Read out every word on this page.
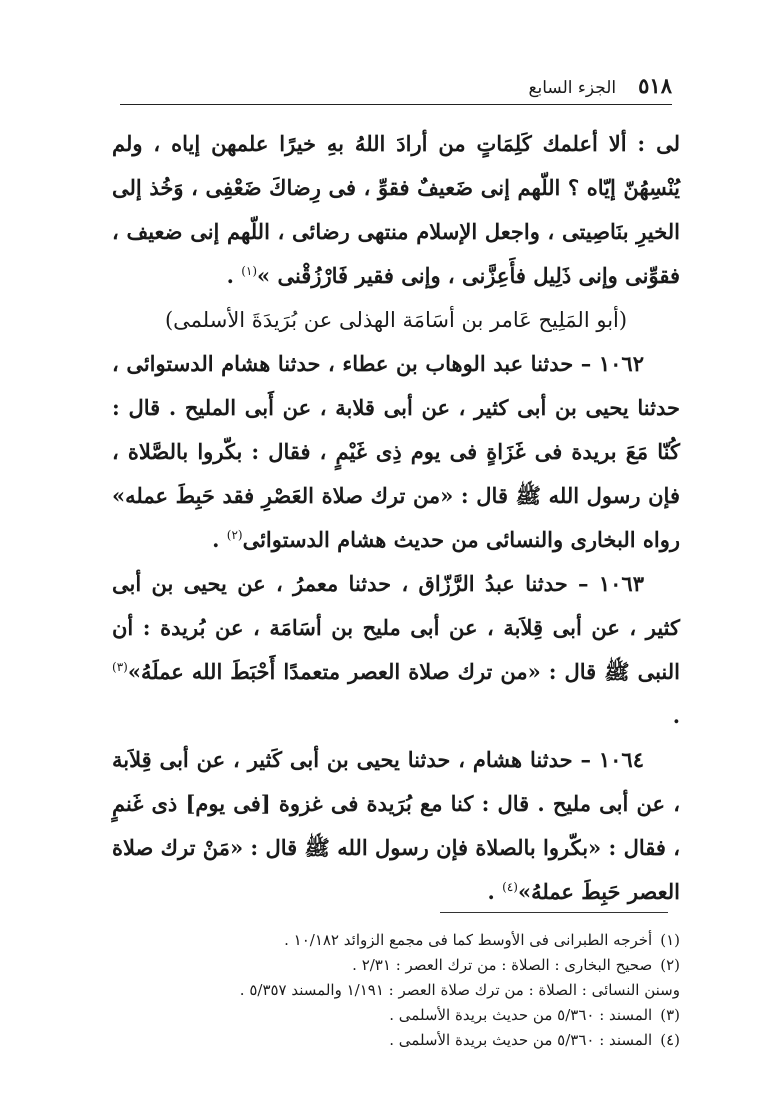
٥١٨
الجزء السابع

لى : ألا أعلمك كَلِمَاتٍ من أرادَ اللهُ بهِ خيرًا علمهن إياه ، ولم يُنْسِهُنّ إيّاه ؟ اللّهم إنى ضَعيفٌ فقوِّ ، فى رِضاكَ ضَعْفِى ، وَخُذ إلى الخيرِ بنَاصِيتى ، واجعل الإسلام منتهى رضائى ، اللّهم إنى ضعيف ، فقوِّنى وإنى ذَلِيل فأَعِزَّنى ، وإنى فقير فَارْزُقْنى »$^{(١)}$ .

(أبو المَلِيح عَامر بن أسَامَة الهذلى عن بُرَيدَةَ الأسلمى)

١٠٦٢ – حدثنا عبد الوهاب بن عطاء ، حدثنا هشام الدستوائى ، حدثنا يحيى بن أبى كثير ، عن أبى قلابة ، عن أَبى المليح . قال : كُنّا مَعَ بريدة فى غَزَاةٍ فى يوم ذِى غَيْمٍ ، فقال : بكّروا بالصَّلاة ، فإن رسول الله ﷺ قال : «من ترك صلاة العَصْرِ فقد حَبِطَ عمله» رواه البخارى والنسائى من حديث هشام الدستوائى$^{(٢)}$ .

١٠٦٣ – حدثنا عبدُ الرَّزّاق ، حدثنا معمرُ ، عن يحيى بن أبى كثير ، عن أبى قِلاَبة ، عن أبى مليح بن أسَامَة ، عن بُريدة : أن النبى ﷺ قال : «من ترك صلاة العصر متعمدًا أَحْبَطَ الله عملَهُ»$^{(٣)}$ .

١٠٦٤ – حدثنا هشام ، حدثنا يحيى بن أبى كَثير ، عن أبى قِلاَبة ، عن أبى مليح . قال : كنا مع بُرَيدة فى غزوة [فى يوم] ذى غَنمٍ ، فقال : «بكّروا بالصلاة فإن رسول الله ﷺ قال : «مَنْ ترك صلاة العصر حَبِطَ عملهُ»$^{(٤)}$ .

(١)أخرجه الطبرانى فى الأوسط كما فى مجمع الزوائد ١٠/١٨٢ .

(٢)صحيح البخارى : الصلاة : من ترك العصر : ٢/٣١ .

وسنن النسائى : الصلاة : من ترك صلاة العصر : ١/١٩١ والمسند ٥/٣٥٧ .

(٣)المسند : ٥/٣٦٠ من حديث بريدة الأسلمى .

(٤)المسند : ٥/٣٦٠ من حديث بريدة الأسلمى .
